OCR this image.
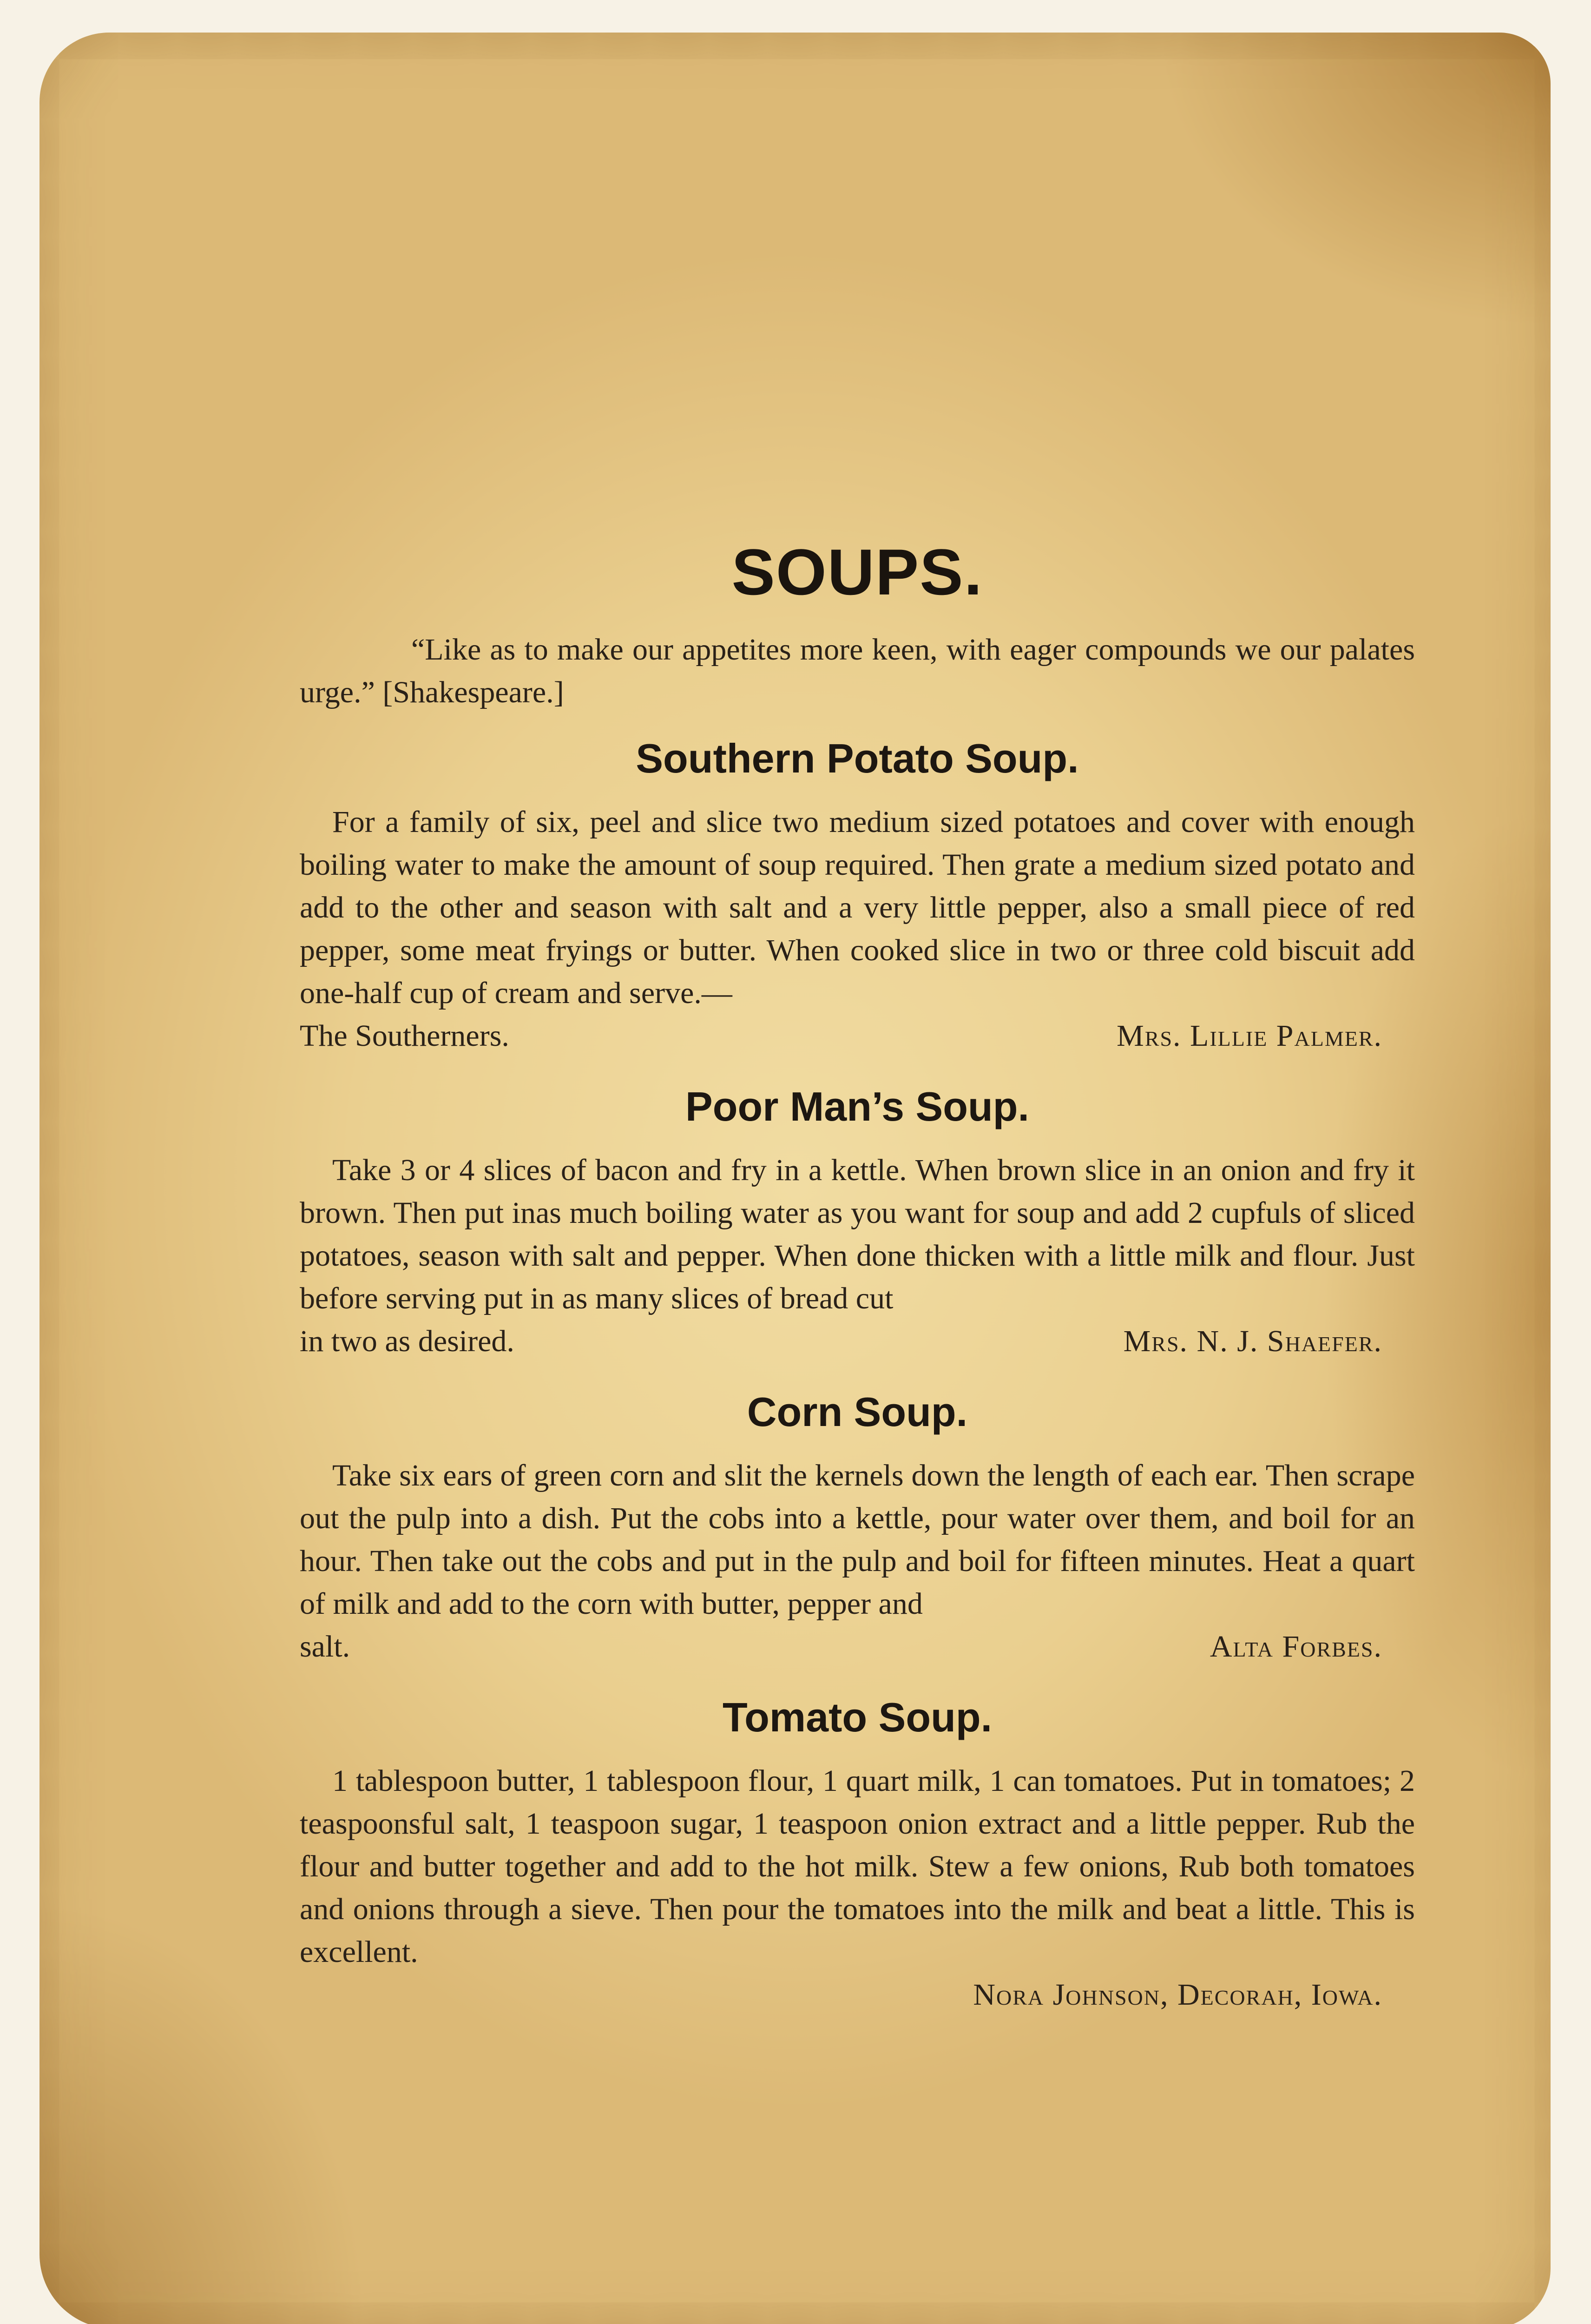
SOUPS.

“Like as to make our appetites more keen, with eager compounds we our palates urge.” [Shakespeare.]

Southern Potato Soup.

For a family of six, peel and slice two medium sized potatoes and cover with enough boiling water to make the amount of soup required. Then grate a medium sized potato and add to the other and season with salt and a very little pepper, also a small piece of red pepper, some meat fryings or butter. When cooked slice in two or three cold biscuit add one-half cup of cream and serve.—

The Southerners.	Mrs. Lillie Palmer.
Poor Man’s Soup.

Take 3 or 4 slices of bacon and fry in a kettle. When brown slice in an onion and fry it brown. Then put inas much boiling water as you want for soup and add 2 cupfuls of sliced potatoes, season with salt and pepper. When done thicken with a little milk and flour. Just before serving put in as many slices of bread cut

in two as desired.	Mrs. N. J. Shaefer.
Corn Soup.

Take six ears of green corn and slit the kernels down the length of each ear. Then scrape out the pulp into a dish. Put the cobs into a kettle, pour water over them, and boil for an hour. Then take out the cobs and put in the pulp and boil for fifteen minutes. Heat a quart of milk and add to the corn with butter, pepper and

salt.	Alta Forbes.
Tomato Soup.

1 tablespoon butter, 1 tablespoon flour, 1 quart milk, 1 can tomatoes. Put in tomatoes; 2 teaspoonsful salt, 1 teaspoon sugar, 1 teaspoon onion extract and a little pepper. Rub the flour and butter together and add to the hot milk. Stew a few onions, Rub both tomatoes and onions through a sieve. Then pour the tomatoes into the milk and beat a little. This is excellent.

Nora Johnson, Decorah, Iowa.
